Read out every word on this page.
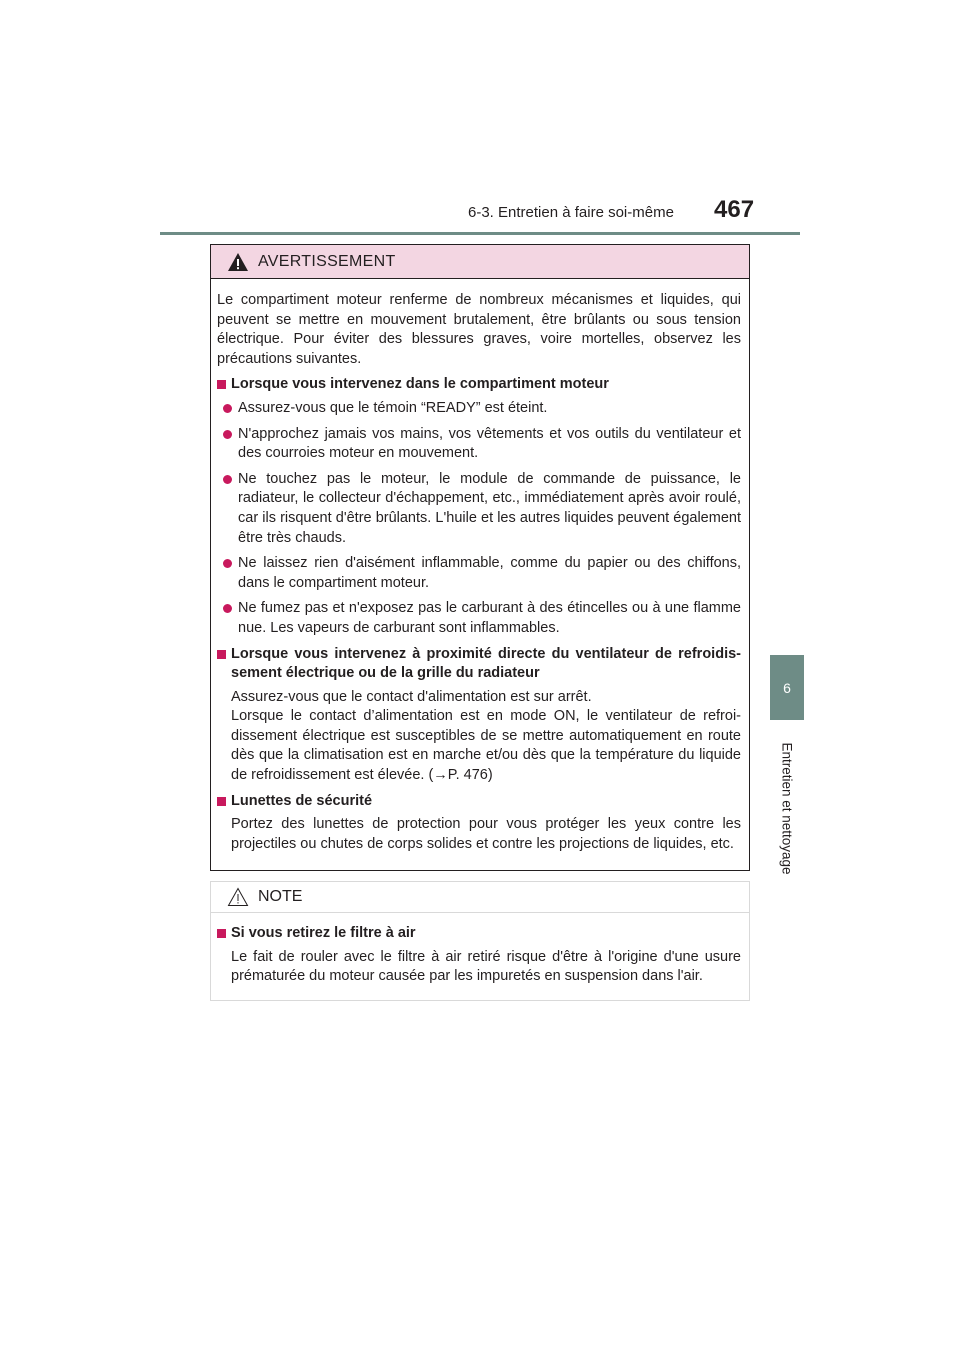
6-3. Entretien à faire soi-même 467
6
Entretien et nettoyage
AVERTISSEMENT

Le compartiment moteur renferme de nombreux mécanismes et liquides, qui peuvent se mettre en mouvement brutalement, être brûlants ou sous tension électrique. Pour éviter des blessures graves, voire mortelles, observez les précautions suivantes.

Lorsque vous intervenez dans le compartiment moteur
Assurez-vous que le témoin “READY” est éteint.
N'approchez jamais vos mains, vos vêtements et vos outils du ventilateur et des courroies moteur en mouvement.
Ne touchez pas le moteur, le module de commande de puissance, le radiateur, le collecteur d'échappement, etc., immédiatement après avoir roulé, car ils risquent d'être brûlants. L'huile et les autres liquides peuvent également être très chauds.
Ne laissez rien d'aisément inflammable, comme du papier ou des chiffons, dans le compartiment moteur.
Ne fumez pas et n'exposez pas le carburant à des étincelles ou à une flamme nue. Les vapeurs de carburant sont inflammables.
Lorsque vous intervenez à proximité directe du ventilateur de refroidis-sement électrique ou de la grille du radiateur

Assurez-vous que le contact d'alimentation est sur arrêt.

Lorsque le contact d’alimentation est en mode ON, le ventilateur de refroi-dissement électrique est susceptibles de se mettre automatiquement en route dès que la climatisation est en marche et/ou dès que la température du liquide de refroidissement est élevée. (→P. 476)

Lunettes de sécurité

Portez des lunettes de protection pour vous protéger les yeux contre les projectiles ou chutes de corps solides et contre les projections de liquides, etc.

NOTE
Si vous retirez le filtre à air

Le fait de rouler avec le filtre à air retiré risque d'être à l'origine d'une usure prématurée du moteur causée par les impuretés en suspension dans l'air.
